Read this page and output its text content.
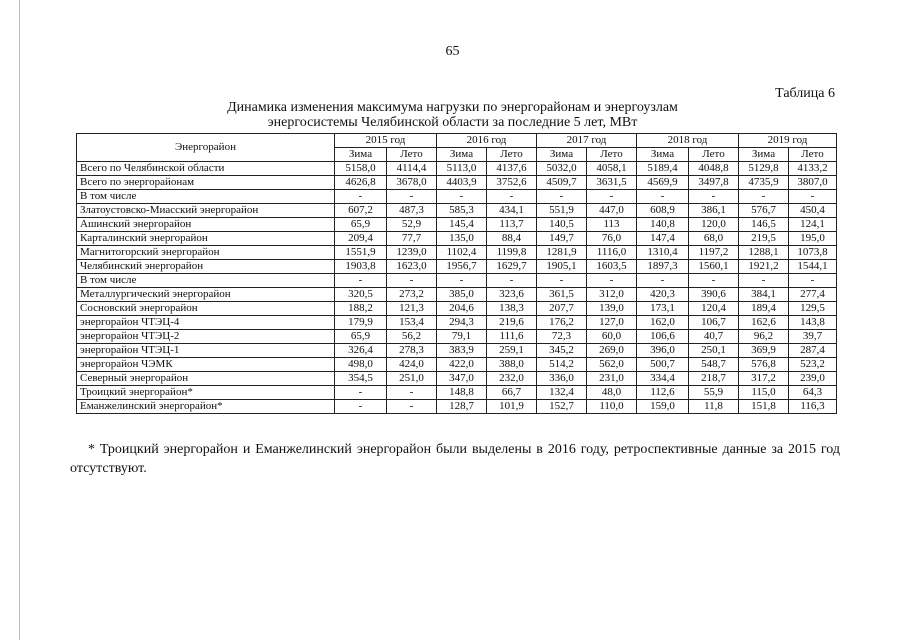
65
Таблица 6
Динамика изменения максимума нагрузки по энергорайонам и энергоузлам
энергосистемы Челябинской области за последние 5 лет, МВт
Энергорайон	2015 год		2016 год		2017 год		2018 год		2019 год	
	Зима	Лето	Зима	Лето	Зима	Лето	Зима	Лето	Зима	Лето
Всего по Челябинской области	5158,0	4114,4	5113,0	4137,6	5032,0	4058,1	5189,4	4048,8	5129,8	4133,2
Всего по энергорайонам	4626,8	3678,0	4403,9	3752,6	4509,7	3631,5	4569,9	3497,8	4735,9	3807,0
В том числе	-	-	-	-	-	-	-	-	-	-
Златоустовско-Миасский энергорайон	607,2	487,3	585,3	434,1	551,9	447,0	608,9	386,1	576,7	450,4
Ашинский энергорайон	65,9	52,9	145,4	113,7	140,5	113	140,8	120,0	146,5	124,1
Карталинский энергорайон	209,4	77,7	135,0	88,4	149,7	76,0	147,4	68,0	219,5	195,0
Магнитогорский энергорайон	1551,9	1239,0	1102,4	1199,8	1281,9	1116,0	1310,4	1197,2	1288,1	1073,8
Челябинский энергорайон	1903,8	1623,0	1956,7	1629,7	1905,1	1603,5	1897,3	1560,1	1921,2	1544,1
В том числе	-	-	-	-	-	-	-	-	-	-
Металлургический энергорайон	320,5	273,2	385,0	323,6	361,5	312,0	420,3	390,6	384,1	277,4
Сосновский энергорайон	188,2	121,3	204,6	138,3	207,7	139,0	173,1	120,4	189,4	129,5
энергорайон ЧТЭЦ-4	179,9	153,4	294,3	219,6	176,2	127,0	162,0	106,7	162,6	143,8
энергорайон ЧТЭЦ-2	65,9	56,2	79,1	111,6	72,3	60,0	106,6	40,7	96,2	39,7
энергорайон ЧТЭЦ-1	326,4	278,3	383,9	259,1	345,2	269,0	396,0	250,1	369,9	287,4
энергорайон ЧЭМК	498,0	424,0	422,0	388,0	514,2	562,0	500,7	548,7	576,8	523,2
Северный энергорайон	354,5	251,0	347,0	232,0	336,0	231,0	334,4	218,7	317,2	239,0
Троицкий энергорайон*	-	-	148,8	66,7	132,4	48,0	112,6	55,9	115,0	64,3
Еманжелинский энергорайон*	-	-	128,7	101,9	152,7	110,0	159,0	11,8	151,8	116,3
* Троицкий энергорайон и Еманжелинский энергорайон были выделены в 2016 году, ретроспективные данные за 2015 год отсутствуют.
